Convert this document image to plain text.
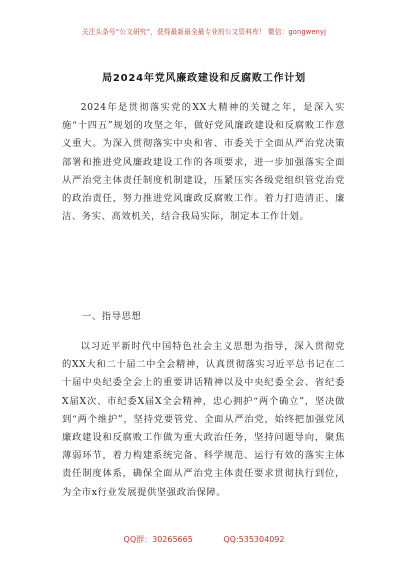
关注头条号“公文研究”，获得最新最全最专业的公文资料库！ 微信：gongwenyj
局2024年党风廉政建设和反腐败工作计划

2024年是贯彻落实党的XX大精神的关键之年，是深入实施“十四五”规划的攻坚之年，做好党风廉政建设和反腐败工作意义重大。为深入贯彻落实中央和省、市委关于全面从严治党决策部署和推进党风廉政建设工作的各项要求，进一步加强落实全面从严治党主体责任制度机制建设，压紧压实各级党组织管党治党的政治责任，努力推进党风廉政反腐败工作。着力打造清正、廉洁、务实、高效机关，结合我局实际，制定本工作计划。

一、指导思想

以习近平新时代中国特色社会主义思想为指导，深入贯彻党的XX大和二十届二中全会精神，认真贯彻落实习近平总书记在二十届中央纪委全会上的重要讲话精神以及中央纪委全会、省纪委X届X次、市纪委X届X全会精神，忠心拥护“两个确立”，坚决做到“两个维护”，坚持党要管党、全面从严治党，始终把加强党风廉政建设和反腐败工作做为重大政治任务，坚持问题导向，聚焦薄弱环节，着力构建系统完备、科学规范、运行有效的落实主体责任制度体系，确保全面从严治党主体责任要求贯彻执行到位，为全市x行业发展提供坚强政治保障。

QQ群：30265665	QQ:535304092
